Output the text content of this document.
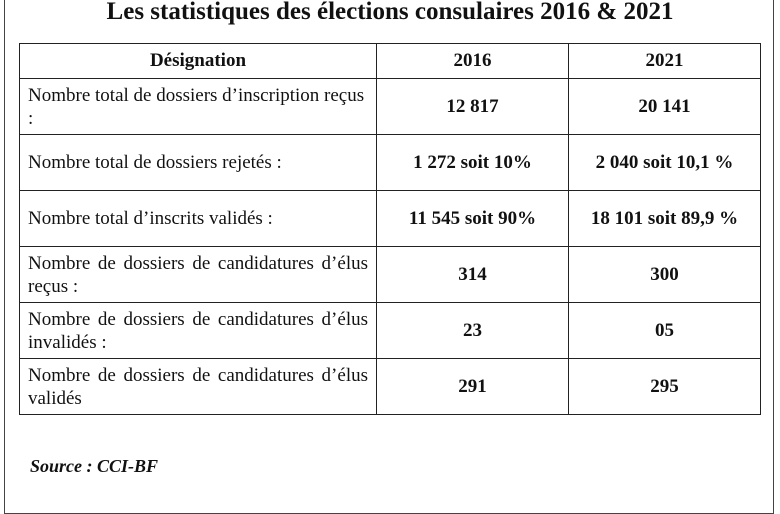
Les statistiques des élections consulaires 2016 & 2021
Désignation	2016	2021
Nombre total de dossiers d’inscription reçus :	12 817	20 141
Nombre total de dossiers rejetés :	1 272 soit 10%	2 040 soit 10,1 %
Nombre total d’inscrits validés :	11 545 soit 90%	18 101 soit 89,9 %
Nombre de dossiers de candidatures d’élus reçus :	314	300
Nombre de dossiers de candidatures d’élus invalidés :	23	05
Nombre de dossiers de candidatures d’élus validés	291	295
Source : CCI-BF
